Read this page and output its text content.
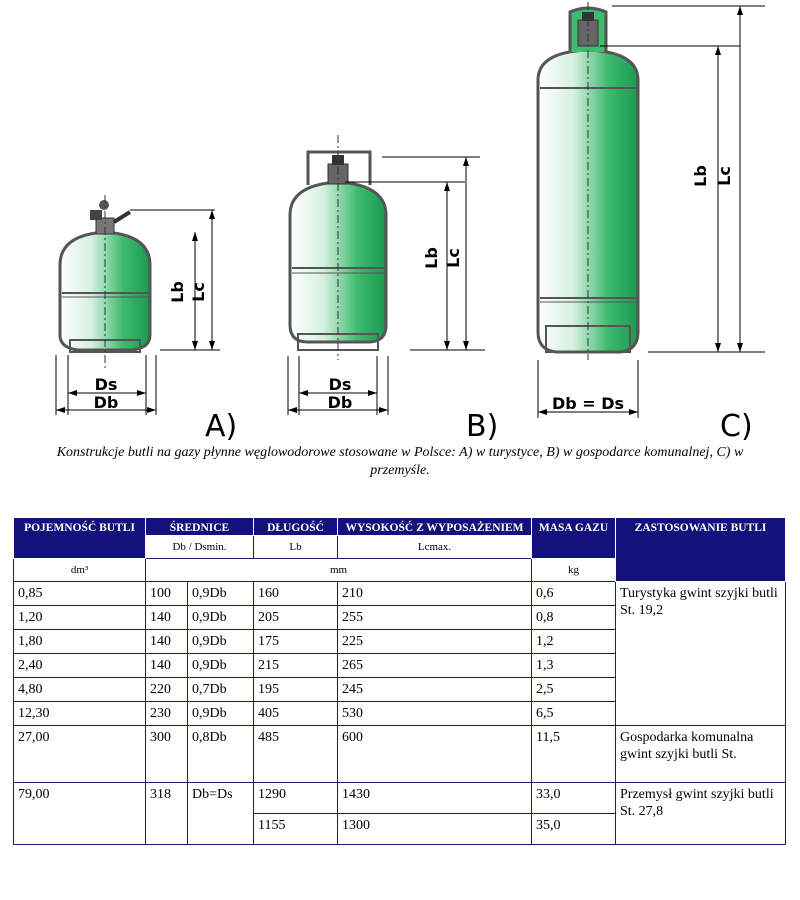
Ds
Db
Lb Lc
A)
Ds
Db
Lb Lc
B)
Db = Ds
Lb Lc
C)
Konstrukcje butli na gazy płynne węglowodorowe stosowane w Polsce: A) w turystyce, B) w gospodarce komunalnej, C) w przemyśle.
POJEMNOŚĆ BUTLI	ŚREDNICE		DŁUGOŚĆ	WYSOKOŚĆ Z WYPOSAŻENIEM	MASA GAZU	ZASTOSOWANIE BUTLI
	Db / Dsmin.		Lb	Lcmax.		
dm³	mm				kg	
0,85	100	0,9Db	160	210	0,6	Turystyka gwint szyjki butli St. 19,2
1,20	140	0,9Db	205	255	0,8	
1,80	140	0,9Db	175	225	1,2	
2,40	140	0,9Db	215	265	1,3	
4,80	220	0,7Db	195	245	2,5	
12,30	230	0,9Db	405	530	6,5	
27,00	300	0,8Db	485	600	11,5	Gospodarka komunalna gwint szyjki butli St.
79,00	318	Db=Ds	1290	1430	33,0	Przemysł gwint szyjki butli St. 27,8
			1155	1300	35,0	
